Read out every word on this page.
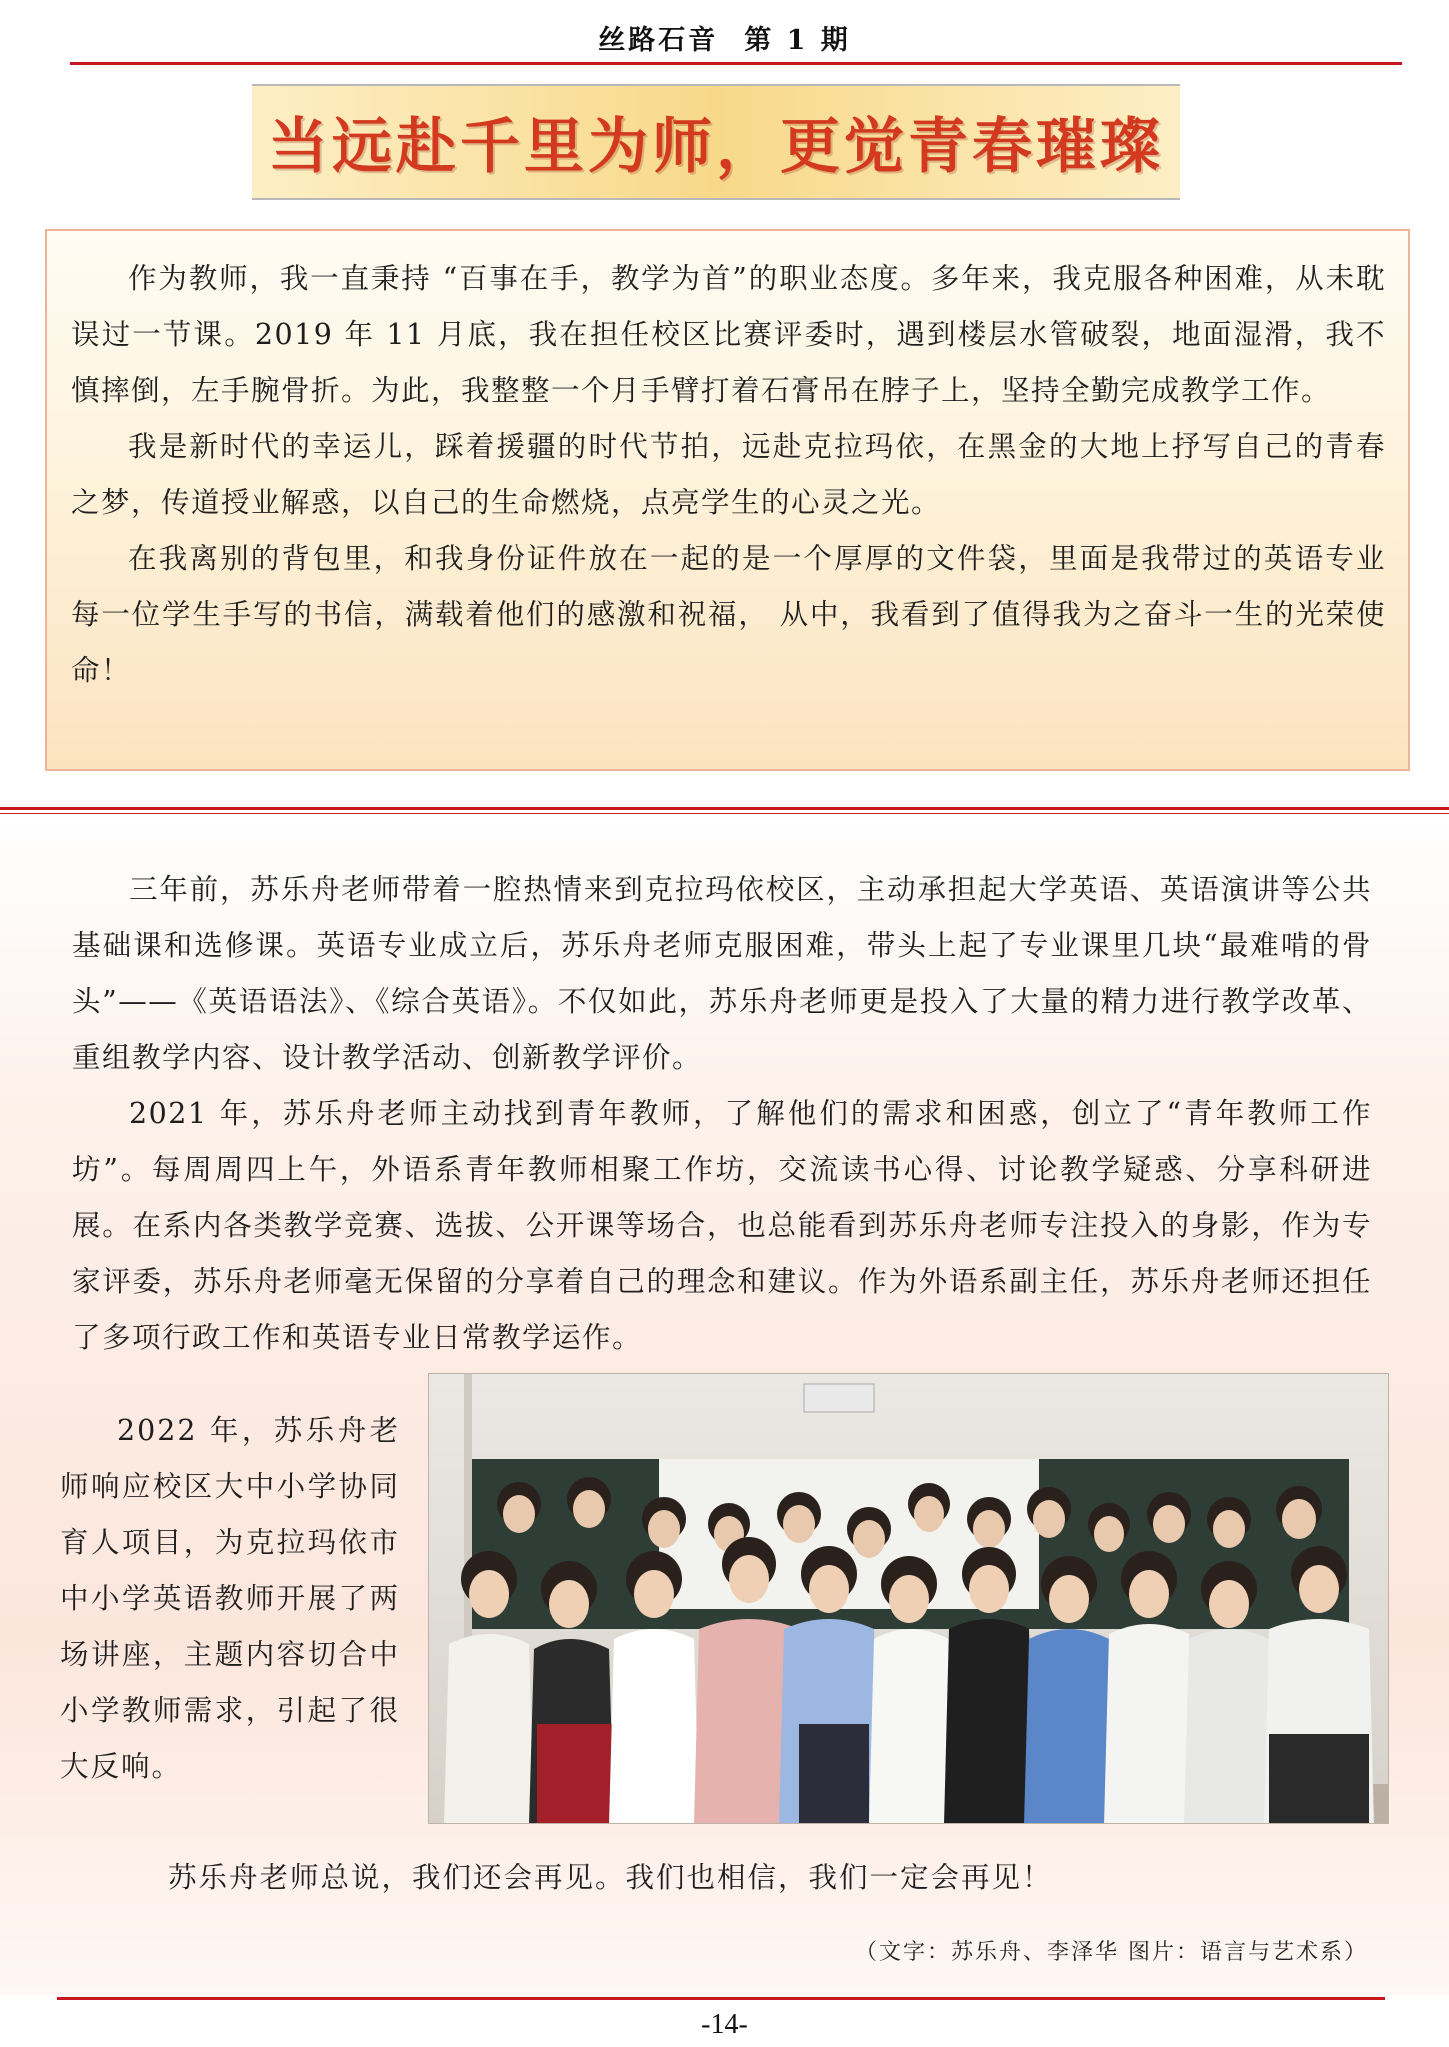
丝路石音 第 1 期
当远赴千里为师，更觉青春璀璨

作为教师，我一直秉持 “百事在手，教学为首”的职业态度。多年来，我克服各种困难，从未耽误过一节课。2019 年 11 月底，我在担任校区比赛评委时，遇到楼层水管破裂，地面湿滑，我不慎摔倒，左手腕骨折。为此，我整整一个月手臂打着石膏吊在脖子上，坚持全勤完成教学工作。

我是新时代的幸运儿，踩着援疆的时代节拍，远赴克拉玛依，在黑金的大地上抒写自己的青春之梦，传道授业解惑，以自己的生命燃烧，点亮学生的心灵之光。

在我离别的背包里，和我身份证件放在一起的是一个厚厚的文件袋，里面是我带过的英语专业每一位学生手写的书信，满载着他们的感激和祝福， 从中，我看到了值得我为之奋斗一生的光荣使命！

三年前，苏乐舟老师带着一腔热情来到克拉玛依校区，主动承担起大学英语、英语演讲等公共基础课和选修课。英语专业成立后，苏乐舟老师克服困难，带头上起了专业课里几块“最难啃的骨头”——《英语语法》、《综合英语》。不仅如此，苏乐舟老师更是投入了大量的精力进行教学改革、重组教学内容、设计教学活动、创新教学评价。

2021 年，苏乐舟老师主动找到青年教师，了解他们的需求和困惑，创立了“青年教师工作坊”。每周周四上午，外语系青年教师相聚工作坊，交流读书心得、讨论教学疑惑、分享科研进展。在系内各类教学竞赛、选拔、公开课等场合，也总能看到苏乐舟老师专注投入的身影，作为专家评委，苏乐舟老师毫无保留的分享着自己的理念和建议。作为外语系副主任，苏乐舟老师还担任了多项行政工作和英语专业日常教学运作。

2022 年，苏乐舟老师响应校区大中小学协同育人项目，为克拉玛依市中小学英语教师开展了两场讲座，主题内容切合中小学教师需求，引起了很大反响。

苏乐舟老师总说，我们还会再见。我们也相信，我们一定会再见！
（文字：苏乐舟、李泽华 图片：语言与艺术系）
-14-
